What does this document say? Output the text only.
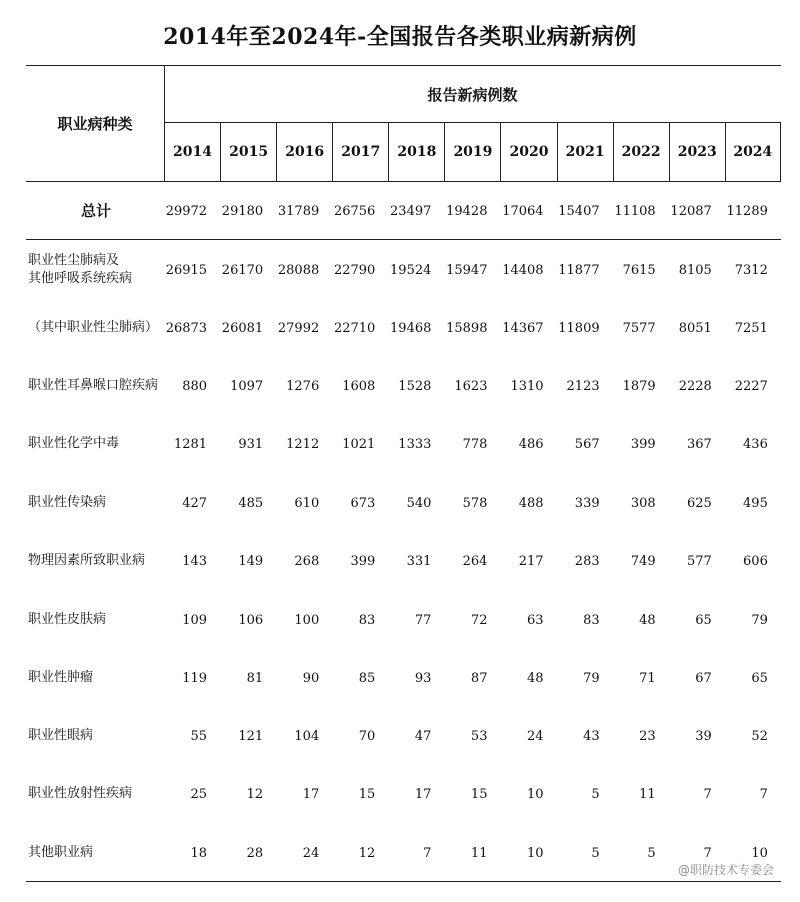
2014年至2024年-全国报告各类职业病新病例
职业病种类
报告新病例数
2014	2015	2016	2017	2018	2019	2020	2021	2022	2023	2024
总计	29972	29180	31789	26756	23497	19428	17064	15407	11108	12087	11289
职业性尘肺病及
其他呼吸系统疾病
26915	26170	28088	22790	19524	15947	14408	11877	7615	8105	7312
（其中职业性尘肺病） 26873	26081	27992	22710	19468	15898	14367	11809	7577	8051	7251
职业性耳鼻喉口腔疾病	880	1097	1276	1608	1528	1623	1310	2123	1879	2228	2227
职业性化学中毒	1281	931	1212	1021	1333	778	486	567	399	367	436
职业性传染病	427	485	610	673	540	578	488	339	308	625	495
物理因素所致职业病	143	149	268	399	331	264	217	283	749	577	606
职业性皮肤病	109	106	100	83	77	72	63	83	48	65	79
职业性肿瘤	119	81	90	85	93	87	48	79	71	67	65
职业性眼病	55	121	104	70	47	53	24	43	23	39	52
职业性放射性疾病	25	12	17	15	17	15	10	5	11	7	7
其他职业病	18	28	24	12	7	11	10	5	5	7	10
@职防技术专委会
